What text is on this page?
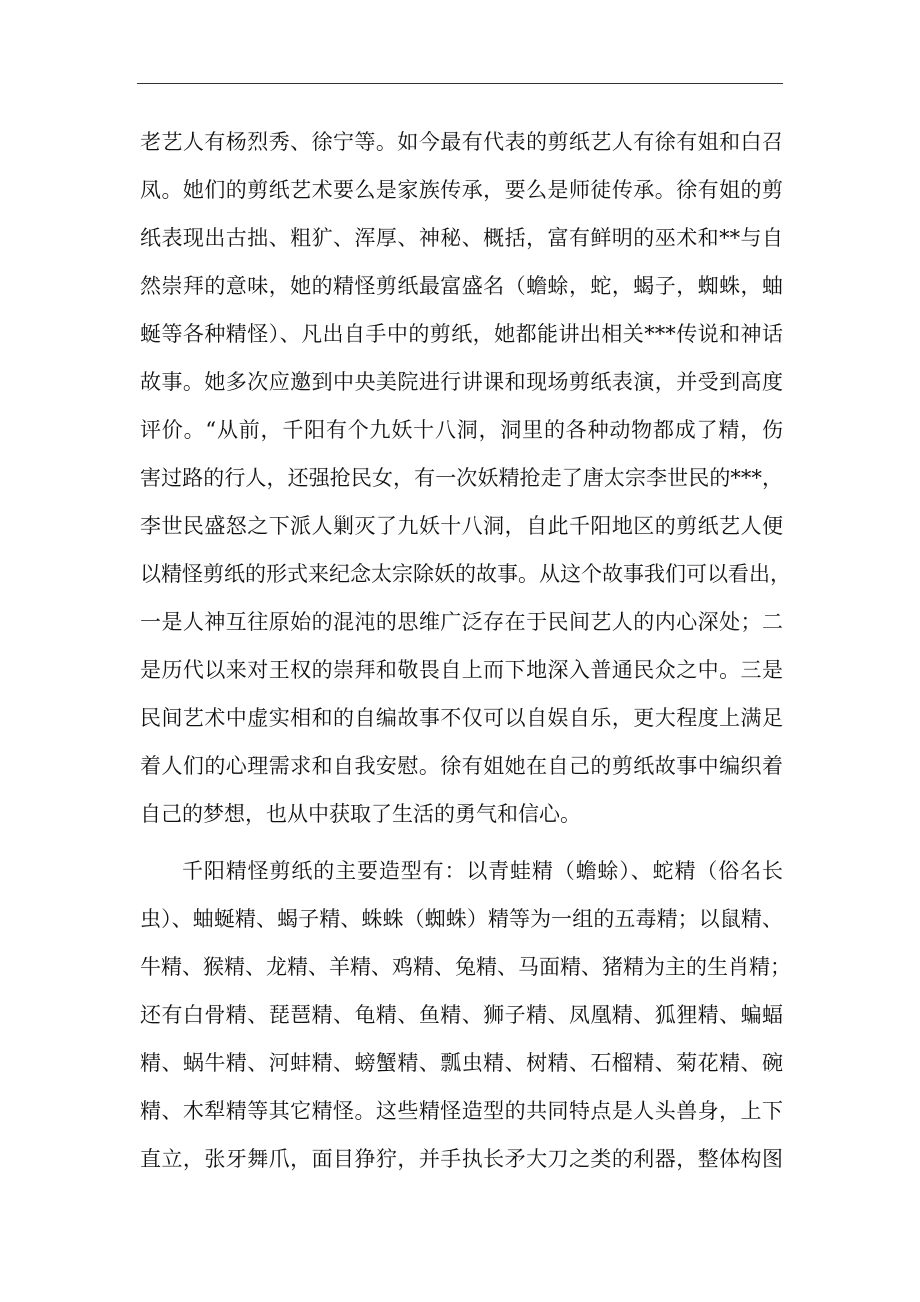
老艺人有杨烈秀、徐宁等。如今最有代表的剪纸艺人有徐有姐和白召
凤。她们的剪纸艺术要么是家族传承，要么是师徒传承。徐有姐的剪
纸表现出古拙、粗犷、浑厚、神秘、概括，富有鲜明的巫术和**与自
然崇拜的意味，她的精怪剪纸最富盛名（蟾蜍，蛇，蝎子，蜘蛛，蚰
蜒等各种精怪）、凡出自手中的剪纸，她都能讲出相关***传说和神话
故事。她多次应邀到中央美院进行讲课和现场剪纸表演，并受到高度
评价。“从前，千阳有个九妖十八洞，洞里的各种动物都成了精，伤
害过路的行人，还强抢民女，有一次妖精抢走了唐太宗李世民的***，
李世民盛怒之下派人剿灭了九妖十八洞，自此千阳地区的剪纸艺人便
以精怪剪纸的形式来纪念太宗除妖的故事。从这个故事我们可以看出，
一是人神互往原始的混沌的思维广泛存在于民间艺人的内心深处；二
是历代以来对王权的崇拜和敬畏自上而下地深入普通民众之中。三是
民间艺术中虚实相和的自编故事不仅可以自娱自乐，更大程度上满足
着人们的心理需求和自我安慰。徐有姐她在自己的剪纸故事中编织着
自己的梦想，也从中获取了生活的勇气和信心。
千阳精怪剪纸的主要造型有：以青蛙精（蟾蜍）、蛇精（俗名长
虫）、蚰蜒精、蝎子精、蛛蛛（蜘蛛）精等为一组的五毒精；以鼠精、
牛精、猴精、龙精、羊精、鸡精、兔精、马面精、猪精为主的生肖精；
还有白骨精、琵琶精、龟精、鱼精、狮子精、凤凰精、狐狸精、蝙蝠
精、蜗牛精、河蚌精、螃蟹精、瓢虫精、树精、石榴精、菊花精、碗
精、木犁精等其它精怪。这些精怪造型的共同特点是人头兽身，上下
直立，张牙舞爪，面目狰狞，并手执长矛大刀之类的利器，整体构图
